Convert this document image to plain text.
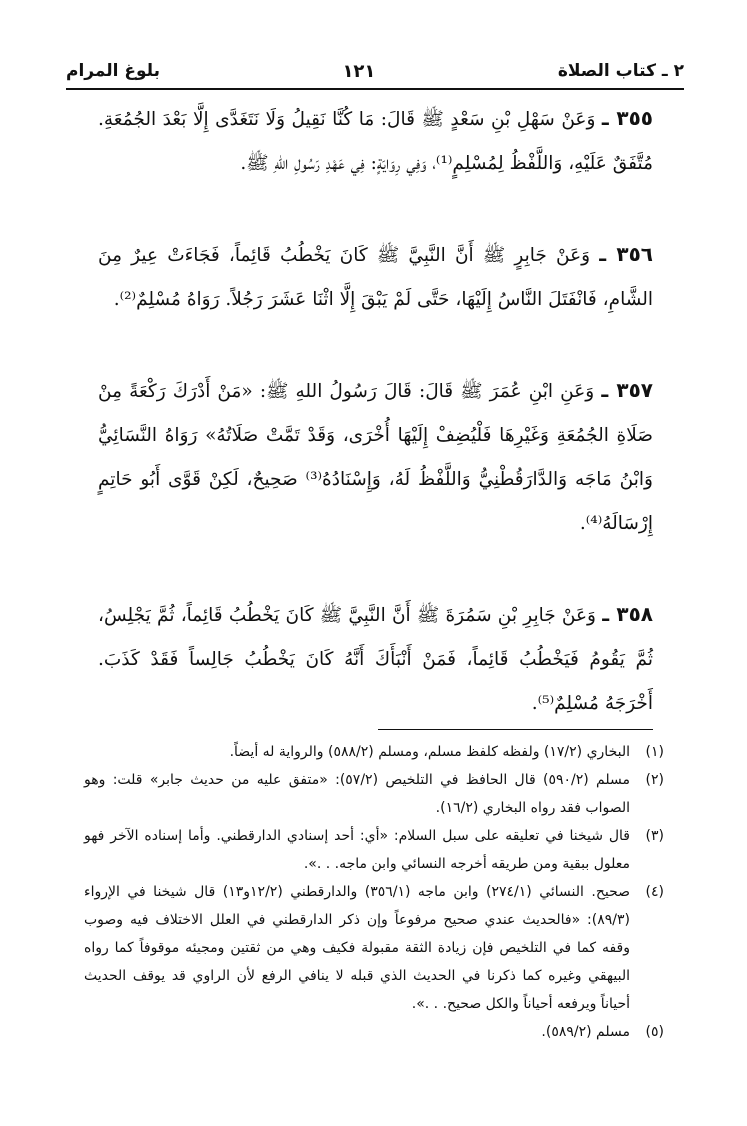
٢ ـ كتاب الصلاة
١٢١
بلوغ المرام

٣٥٥ ـ وَعَنْ سَهْلِ بْنِ سَعْدٍ ﷺ قَالَ: مَا كُنَّا نَقِيلُ وَلَا نَتَغَدَّى إِلَّا بَعْدَ الجُمُعَةِ. مُتَّفَقٌ عَلَيْهِ، وَاللَّفْظُ لِمُسْلِمٍ⁽¹⁾، وَفِي رِوَايَةٍ: فِي عَهْدِ رَسُولِ اللهِ ﷺ.

٣٥٦ ـ وَعَنْ جَابِرٍ ﷺ أَنَّ النَّبِيَّ ﷺ كَانَ يَخْطُبُ قَائِماً، فَجَاءَتْ عِيرٌ مِنَ الشَّامِ، فَانْفَتَلَ النَّاسُ إِلَيْهَا، حَتَّى لَمْ يَبْقَ إِلَّا اثْنَا عَشَرَ رَجُلاً. رَوَاهُ مُسْلِمٌ⁽²⁾.

٣٥٧ ـ وَعَنِ ابْنِ عُمَرَ ﷺ قَالَ: قَالَ رَسُولُ اللهِ ﷺ: «مَنْ أَدْرَكَ رَكْعَةً مِنْ صَلَاةِ الجُمُعَةِ وَغَيْرِهَا فَلْيُضِفْ إِلَيْهَا أُخْرَى، وَقَدْ تَمَّتْ صَلَاتُهُ» رَوَاهُ النَّسَائِيُّ وَابْنُ مَاجَه وَالدَّارَقُطْنِيُّ وَاللَّفْظُ لَهُ، وَإِسْنَادُهُ⁽³⁾ صَحِيحٌ، لَكِنْ قَوَّى أَبُو حَاتِمٍ إِرْسَالَهُ⁽⁴⁾.

٣٥٨ ـ وَعَنْ جَابِرِ بْنِ سَمُرَةَ ﷺ أَنَّ النَّبِيَّ ﷺ كَانَ يَخْطُبُ قَائِماً، ثُمَّ يَجْلِسُ، ثُمَّ يَقُومُ فَيَخْطُبُ قَائِماً، فَمَنْ أَنْبَأَكَ أَنَّهُ كَانَ يَخْطُبُ جَالِساً فَقَدْ كَذَبَ. أَخْرَجَهُ مُسْلِمٌ⁽⁵⁾.

(١)
البخاري (١٧/٢) ولفظه كلفظ مسلم، ومسلم (٥٨٨/٢) والرواية له أيضاً.
(٢)
مسلم (٥٩٠/٢) قال الحافظ في التلخيص (٥٧/٢): «متفق عليه من حديث جابر» قلت: وهو الصواب فقد رواه البخاري (١٦/٢).
(٣)
قال شيخنا في تعليقه على سبل السلام: «أي: أحد إسنادي الدارقطني. وأما إسناده الآخر فهو معلول ببقية ومن طريقه أخرجه النسائي وابن ماجه. . .».
(٤)
صحيح. النسائي (٢٧٤/١) وابن ماجه (٣٥٦/١) والدارقطني (١٢/٢و١٣) قال شيخنا في الإرواء (٨٩/٣): «فالحديث عندي صحيح مرفوعاً وإن ذكر الدارقطني في العلل الاختلاف فيه وصوب وقفه كما في التلخيص فإن زيادة الثقة مقبولة فكيف وهي من ثقتين ومجيئه موقوفاً كما رواه البيهقي وغيره كما ذكرنا في الحديث الذي قبله لا ينافي الرفع لأن الراوي قد يوقف الحديث أحياناً ويرفعه أحياناً والكل صحيح. . .».
(٥)
مسلم (٥٨٩/٢).
